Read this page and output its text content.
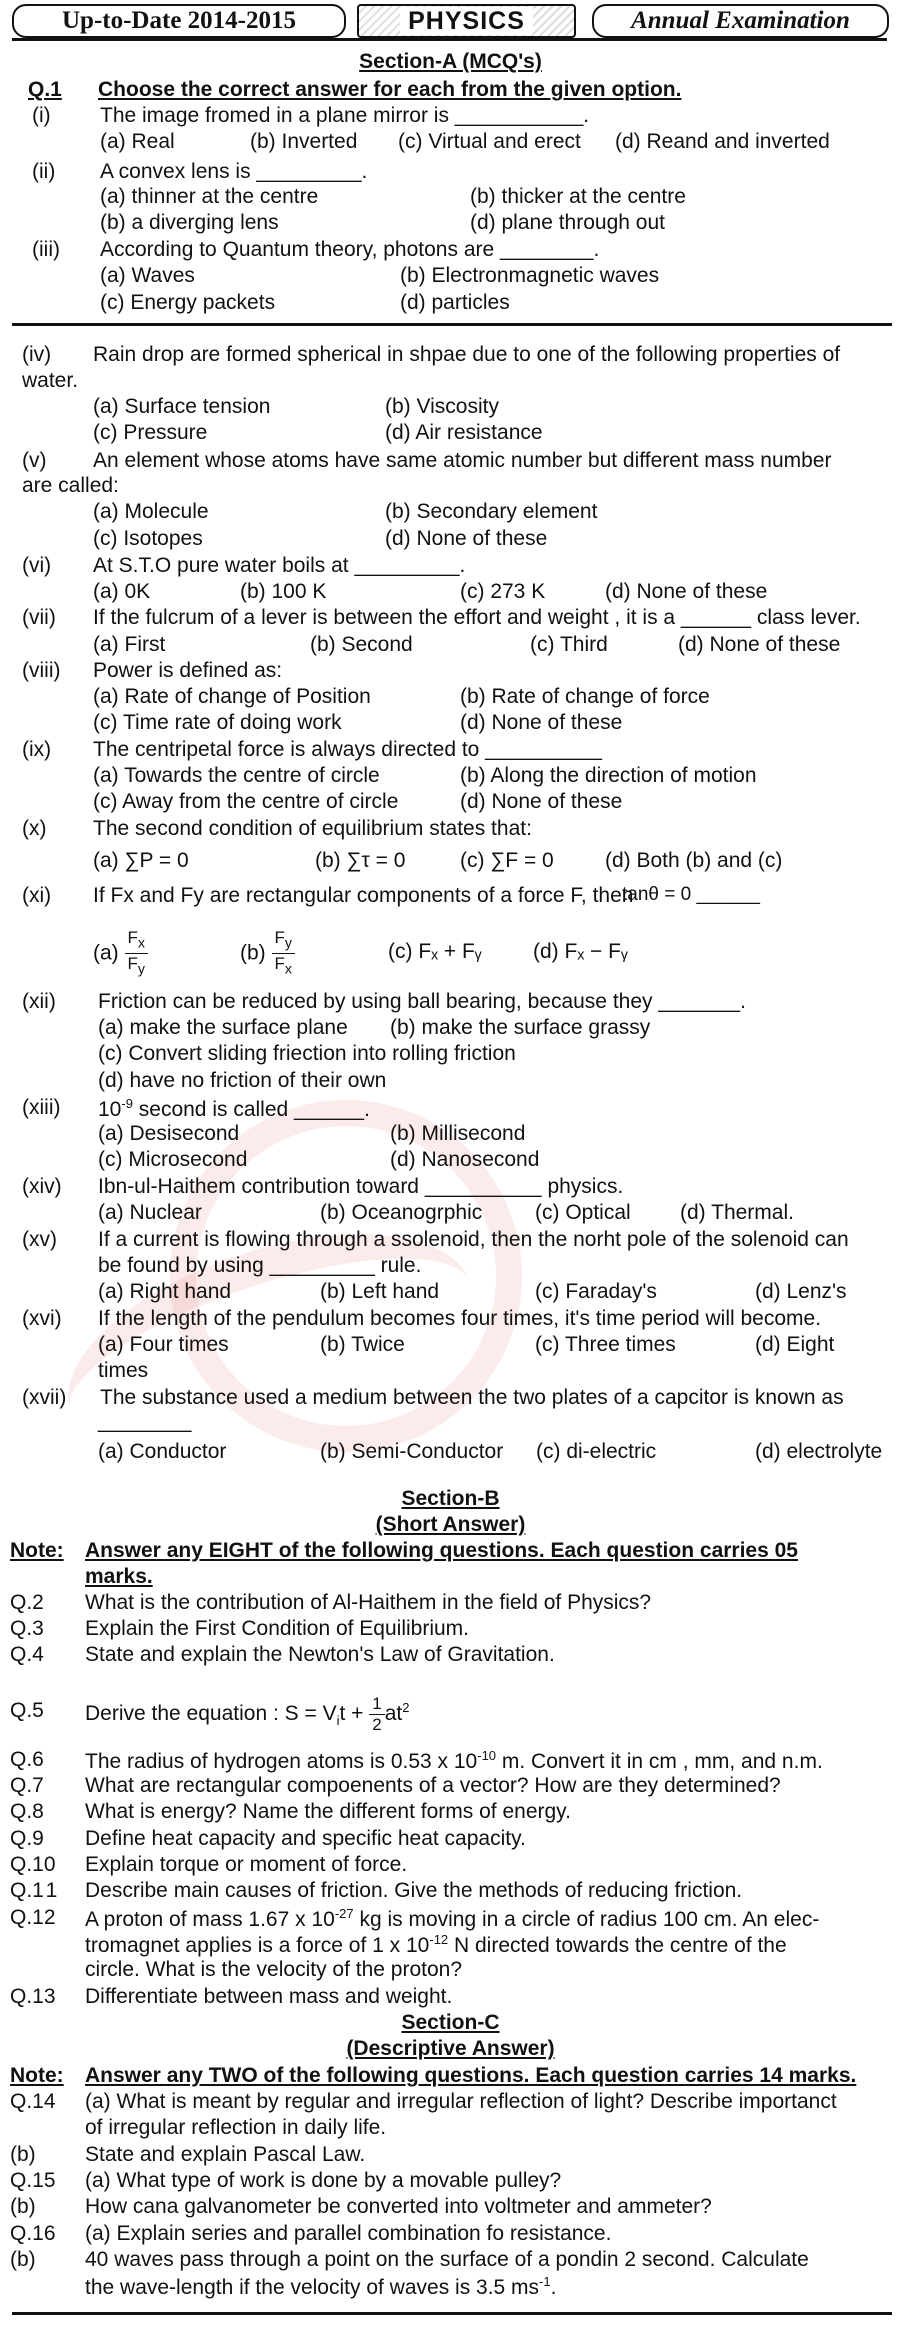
Up-to-Date 2014-2015	PHYSICS	Annual Examination
Section-A (MCQ's)
Q.1 Choose the correct answer for each from the given option.
(i) The image fromed in a plane mirror is ___________.
(a) Real	(b) Inverted (c) Virtual and erect (d) Reand and inverted
(ii) A convex lens is _________.
(a) thinner at the centre	(b) thicker at the centre
(b) a diverging lens	(d) plane through out
(iii) According to Quantum theory, photons are ________.
(a) Waves	(b) Electronmagnetic waves
(c) Energy packets	(d) particles
(iv) Rain drop are formed spherical in shpae due to one of the following properties of
water.
(a) Surface tension	(b) Viscosity
(c) Pressure	(d) Air resistance
(v) An element whose atoms have same atomic number but different mass number
are called:
(a) Molecule	(b) Secondary element
(c) Isotopes	(d) None of these
(vi) At S.T.O pure water boils at _________.
(a) 0K	(b) 100 K	(c) 273 K	(d) None of these
(vii) If the fulcrum of a lever is between the effort and weight , it is a ______ class lever.
(a) First	(b) Second	(c) Third	(d) None of these
(viii) Power is defined as:
(a) Rate of change of Position	(b) Rate of change of force
(c) Time rate of doing work	(d) None of these
(ix) The centripetal force is always directed to __________
(a) Towards the centre of circle	(b) Along the direction of motion
(c) Away from the centre of circle	(d) None of these
(x) The second condition of equilibrium states that:
(a) ∑P = 0	(b) ∑τ = 0	(c) ∑F = 0 (d) Both (b) and (c)
(xi) If Fx and Fy are rectangular components of a force F, then
tanθ = 0 ______
$(a) \frac{F_x}{F_y}$	$(b) \frac{F_y}{F_x}$	(c) Fₓ + Fᵧ (d) Fₓ − Fᵧ
(xii) Friction can be reduced by using ball bearing, because they _______.
(a) make the surface plane (b) make the surface grassy
(c) Convert sliding friection into rolling friction
(d) have no friction of their own
(xiii) $10^{-9}$ second is called ______.
(a) Desisecond	(b) Millisecond
(c) Microsecond	(d) Nanosecond
(xiv) Ibn-ul-Haithem contribution toward __________ physics.
(a) Nuclear	(b) Oceanogrphic	(c) Optical (d) Thermal.
(xv) If a current is flowing through a ssolenoid, then the norht pole of the solenoid can
be found by using _________ rule.
(a) Right hand	(b) Left hand	(c) Faraday's	(d) Lenz's
(xvi) If the length of the pendulum becomes four times, it's time period will become.
(a) Four times	(b) Twice	(c) Three times	(d) Eight
times
(xvii) The substance used a medium between the two plates of a capcitor is known as
________
(a) Conductor	(b) Semi-Conductor (c) di-electric	(d) electrolyte
Section-B
(Short Answer)
Note: Answer any EIGHT of the following questions. Each question carries 05
marks.
Q.2 What is the contribution of Al-Haithem in the field of Physics?
Q.3 Explain the First Condition of Equilibrium.
Q.4 State and explain the Newton's Law of Gravitation.
Q.5 Derive the equation : $S = V_it + \frac{1}{2} at^2$
Q.6 The radius of hydrogen atoms is 0.53 x $10^{-10}$ m. Convert it in cm , mm, and n.m.
Q.7 What are rectangular compoenents of a vector? How are they determined?
Q.8 What is energy? Name the different forms of energy.
Q.9 Define heat capacity and specific heat capacity.
Q.10 Explain torque or moment of force.
Q.1 1 Describe main causes of friction. Give the methods of reducing friction.
Q.12 A proton of mass 1.67 x $10^{-27}$ kg is moving in a circle of radius 100 cm. An elec-
tromagnet applies is a force of 1 x $10^{-12}$ N directed towards the centre of the
circle. What is the velocity of the proton?
Q.13 Differentiate between mass and weight.
Section-C
(Descriptive Answer)
Note: Answer any TWO of the following questions. Each question carries 14 marks.
Q.14 (a) What is meant by regular and irregular reflection of light? Describe importanct
of irregular reflection in daily life.
(b) State and explain Pascal Law.
Q.15 (a) What type of work is done by a movable pulley?
(b) How cana galvanometer be converted into voltmeter and ammeter?
Q.16 (a) Explain series and parallel combination fo resistance.
(b) 40 waves pass through a point on the surface of a pondin 2 second. Calculate
the wave-length if the velocity of waves is 3.5 $ms^{-1}$.
